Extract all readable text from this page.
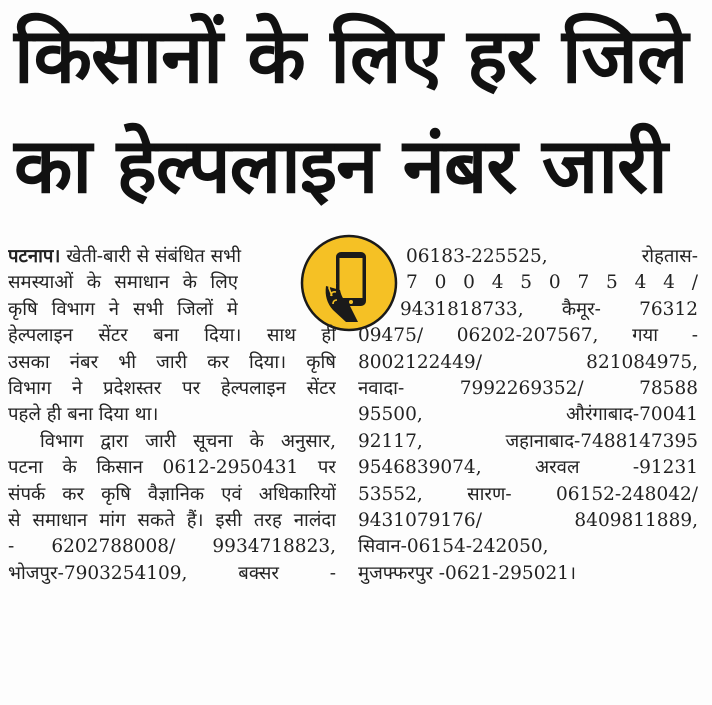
किसानों के लिए हर जिले
का हेल्पलाइन नंबर जारी
पटनाप। खेती-बारी से संबंधित सभी
समस्याओं के समाधान के लिए
कृषि विभाग ने सभी जिलों मे
हेल्पलाइन सेंटर बना दिया। साथ ही
उसका नंबर भी जारी कर दिया। कृषि
विभाग ने प्रदेशस्तर पर हेल्पलाइन सेंटर
पहले ही बना दिया था।
विभाग द्वारा जारी सूचना के अनुसार,
पटना के किसान 0612-2950431 पर
संपर्क कर कृषि वैज्ञानिक एवं अधिकारियों
से समाधान मांग सकते हैं। इसी तरह नालंदा
- 6202788008/ 9934718823,
भोजपुर-7903254109, बक्सर -
06183-225525, रोहतास-
7 0 0 4 5 0 7 5 4 4 /
9431818733, कैमूर- 76312
09475/ 06202-207567, गया -
8002122449/ 821084975,
नवादा- 7992269352/ 78588
95500, औरंगाबाद-70041
92117, जहानाबाद-7488147395
9546839074, अरवल -91231
53552, सारण- 06152-248042/
9431079176/ 8409811889,
सिवान-06154-242050,
मुजफ्फरपुर -0621-295021।
